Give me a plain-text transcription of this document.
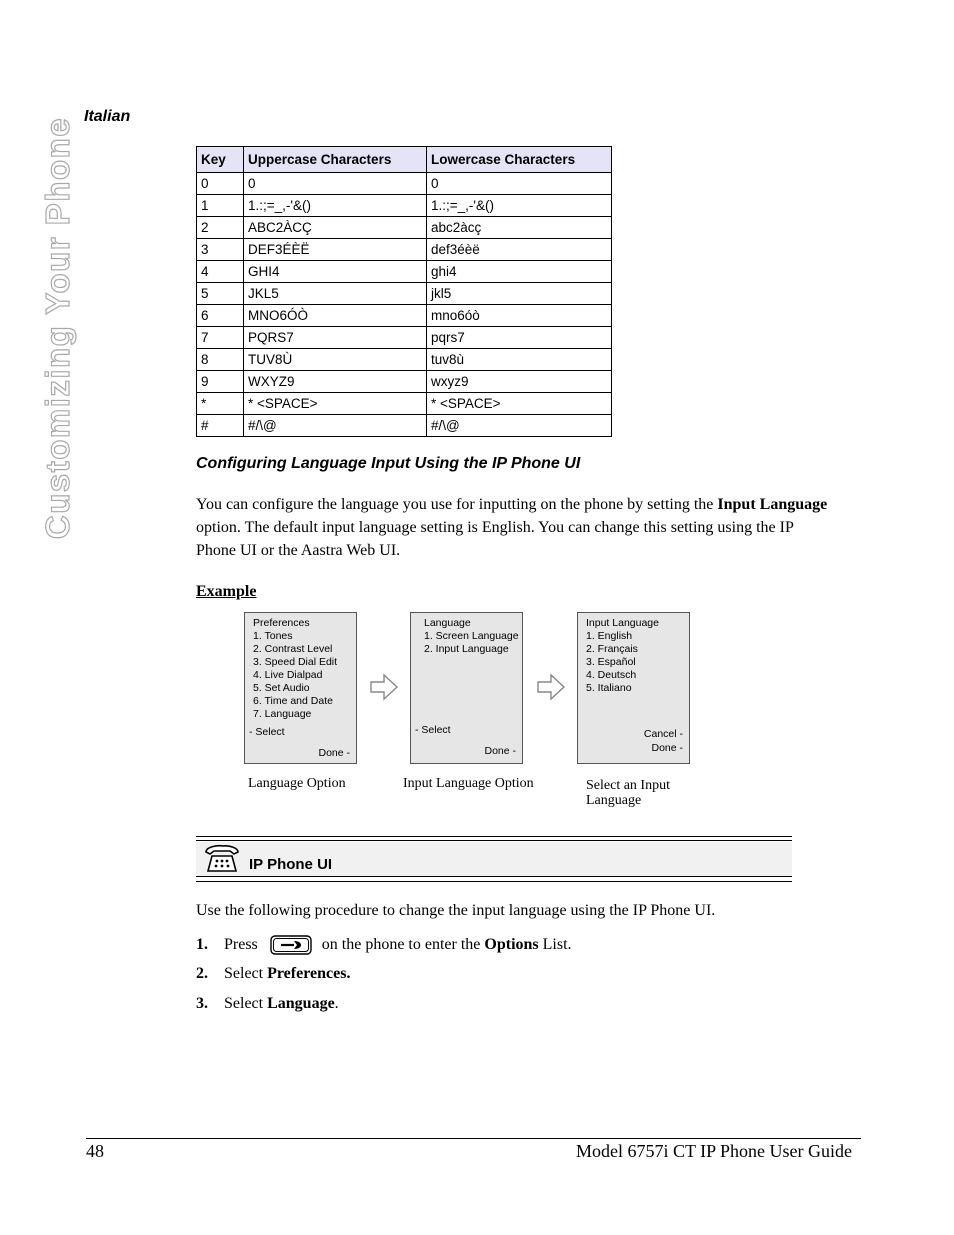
Customizing Your Phone
Italian
Key	Uppercase Characters	Lowercase Characters
0	0	0
1	1.:;=_,-'&()	1.:;=_,-'&()
2	ABC2ÀCÇ	abc2àcç
3	DEF3ÉÈË	def3éèë
4	GHI4	ghi4
5	JKL5	jkl5
6	MNO6ÓÒ	mno6óò
7	PQRS7	pqrs7
8	TUV8Ù	tuv8ù
9	WXYZ9	wxyz9
*	* <SPACE>	* <SPACE>
#	#/\@	#/\@
Configuring Language Input Using the IP Phone UI
You can configure the language you use for inputting on the phone by setting the Input Language option. The default input language setting is English. You can change this setting using the IP Phone UI or the Aastra Web UI.
Example
Preferences
1. Tones
2. Contrast Level
3. Speed Dial Edit
4. Live Dialpad
5. Set Audio
6. Time and Date
7. Language
- Select
Done -
Language
1. Screen Language
2. Input Language
- Select
Done -
Input Language
1. English
2. Français
3. Español
4. Deutsch
5. Italiano
Cancel -
Done -
Language Option	Input Language Option	Select an Input Language
IP Phone UI
Use the following procedure to change the input language using the IP Phone UI.
1. Press	on the phone to enter the Options List.
2. Select Preferences.
3. Select Language.
48	Model 6757i CT IP Phone User Guide
